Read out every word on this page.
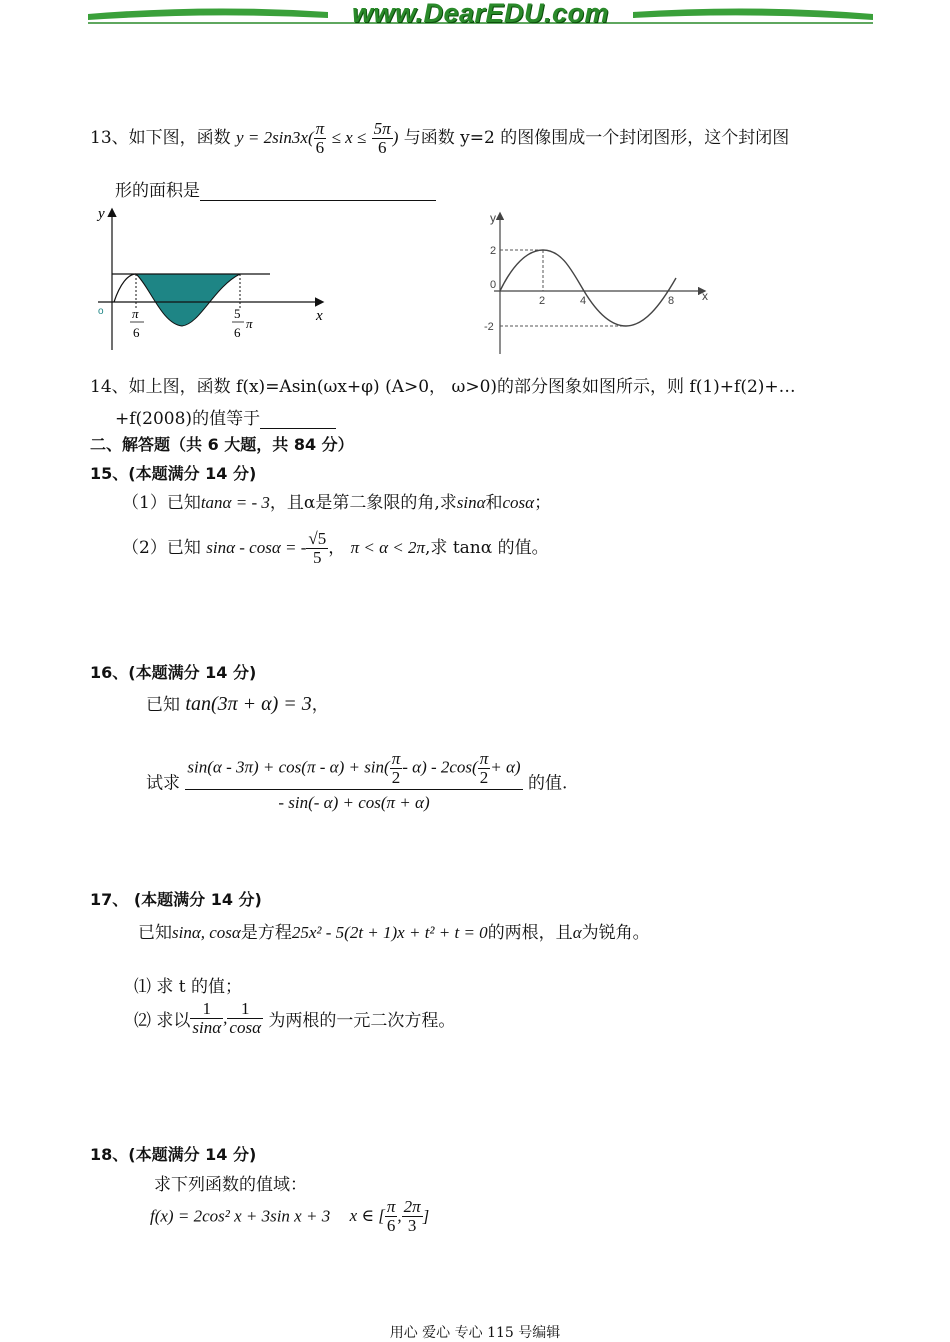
www.DearEDU.com
13、如下图，函数 $y = 2\sin 3x( \frac{\pi}{6} \le x \le \frac{5\pi}{6}$ ) 与函数 y=2 的图像围成一个封闭图形，这个封闭图
形的面积是
y
x
o π
6
5
6
π
y
x
2
0
-2
2	4	8
14、如上图，函数 f(x)=Asin(ωx+φ) (A>0， ω>0)的部分图象如图所示，则 f(1)+f(2)+…
+f(2008)的值等于
二、解答题（共 6 大题，共 84 分）
15、(本题满分 14 分)
（1）已知tanα = - 3，且α是第二象限的角,求sinα和cosα；
（2）已知 sinα - cosα = - $\frac{√5}{5}$ ， π < α < 2π,求 tanα 的值。
16、(本题满分 14 分)
已知 tan(3π + α) = 3，
试求 $\frac{\sin(\alpha - 3\pi) + \cos(\pi - \alpha) + \sin( \frac{\pi}{2} - \alpha) - 2\cos( \frac{\pi}{2} + \alpha)}{- \sin(- \alpha) + \cos(\pi + \alpha)}$ 的值.
17、 (本题满分 14 分)
已知sinα, cosα是方程25x² - 5(2t + 1)x + t² + t = 0的两根，且α为锐角。
⑴ 求 t 的值；
⑵ 求以 $\frac{1}{\sin\alpha}$ , $\frac{1}{\cos\alpha}$ 为两根的一元二次方程。
18、(本题满分 14 分)
求下列函数的值域：
f(x) = 2cos² x + 3sin x + 3 x ∈ [ $\frac{\pi}{6}$ , $\frac{2\pi}{3}$ ]
用心 爱心 专心 115 号编辑
